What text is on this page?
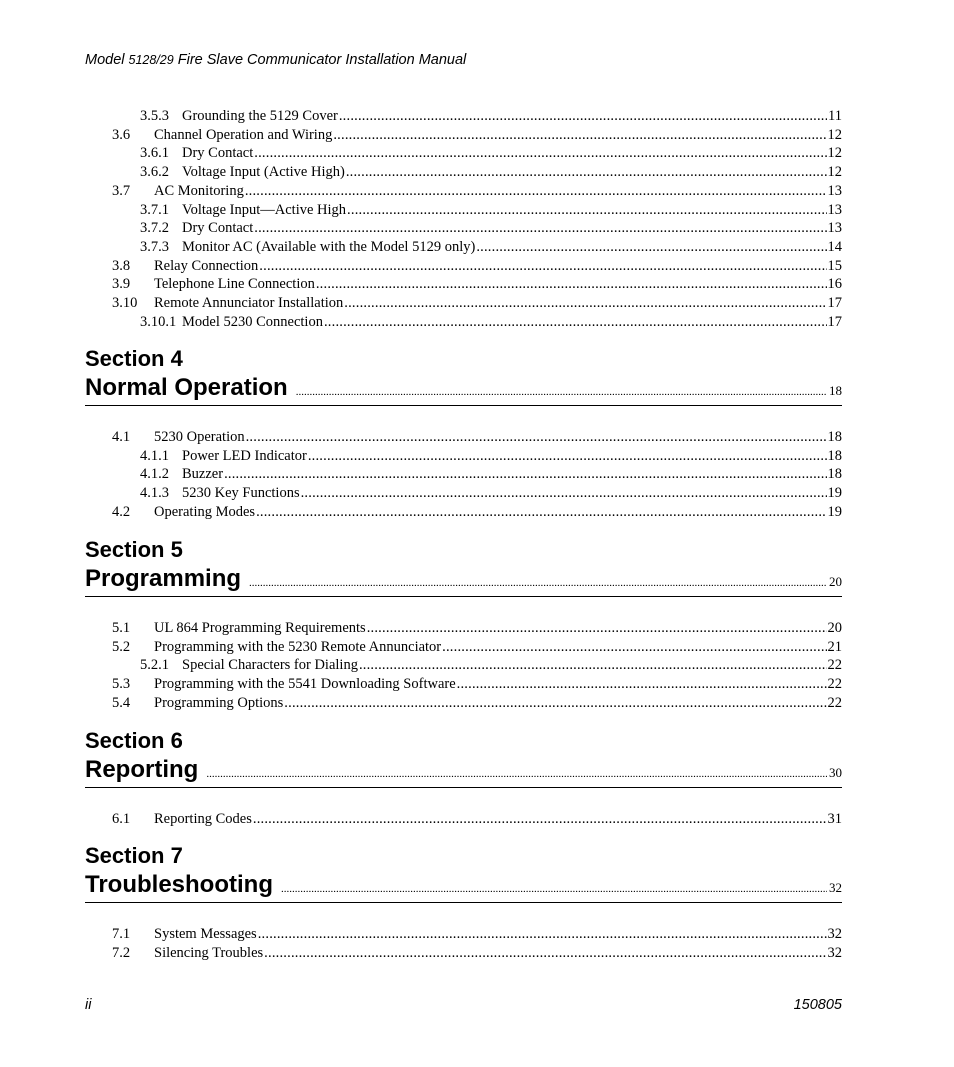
Model 5128/29 Fire Slave Communicator Installation Manual
3.5.3 Grounding the 5129 Cover .....	11
3.6	Channel Operation and Wiring .....	12
3.6.1 Dry Contact .....	12
3.6.2 Voltage Input (Active High) .....	12
3.7	AC Monitoring .....	13
3.7.1 Voltage Input—Active High .....	13
3.7.2 Dry Contact .....	13
3.7.3 Monitor AC (Available with the Model 5129 only) .....	14
3.8	Relay Connection .....	15
3.9	Telephone Line Connection .....	16
3.10	Remote Annunciator Installation .....	17
3.10.1 Model 5230 Connection .....	17
Section 4
Normal Operation .....	18
4.1	5230 Operation .....	18
4.1.1 Power LED Indicator .....	18
4.1.2 Buzzer .....	18
4.1.3 5230 Key Functions .....	19
4.2	Operating Modes .....	19
Section 5
Programming .....	20
5.1	UL 864 Programming Requirements .....	20
5.2	Programming with the 5230 Remote Annunciator .....	21
5.2.1 Special Characters for Dialing .....	22
5.3	Programming with the 5541 Downloading Software .....	22
5.4	Programming Options .....	22
Section 6
Reporting .....	30
6.1	Reporting Codes .....	31
Section 7
Troubleshooting .....	32
7.1	System Messages .....	32
7.2	Silencing Troubles .....	32
ii	150805
